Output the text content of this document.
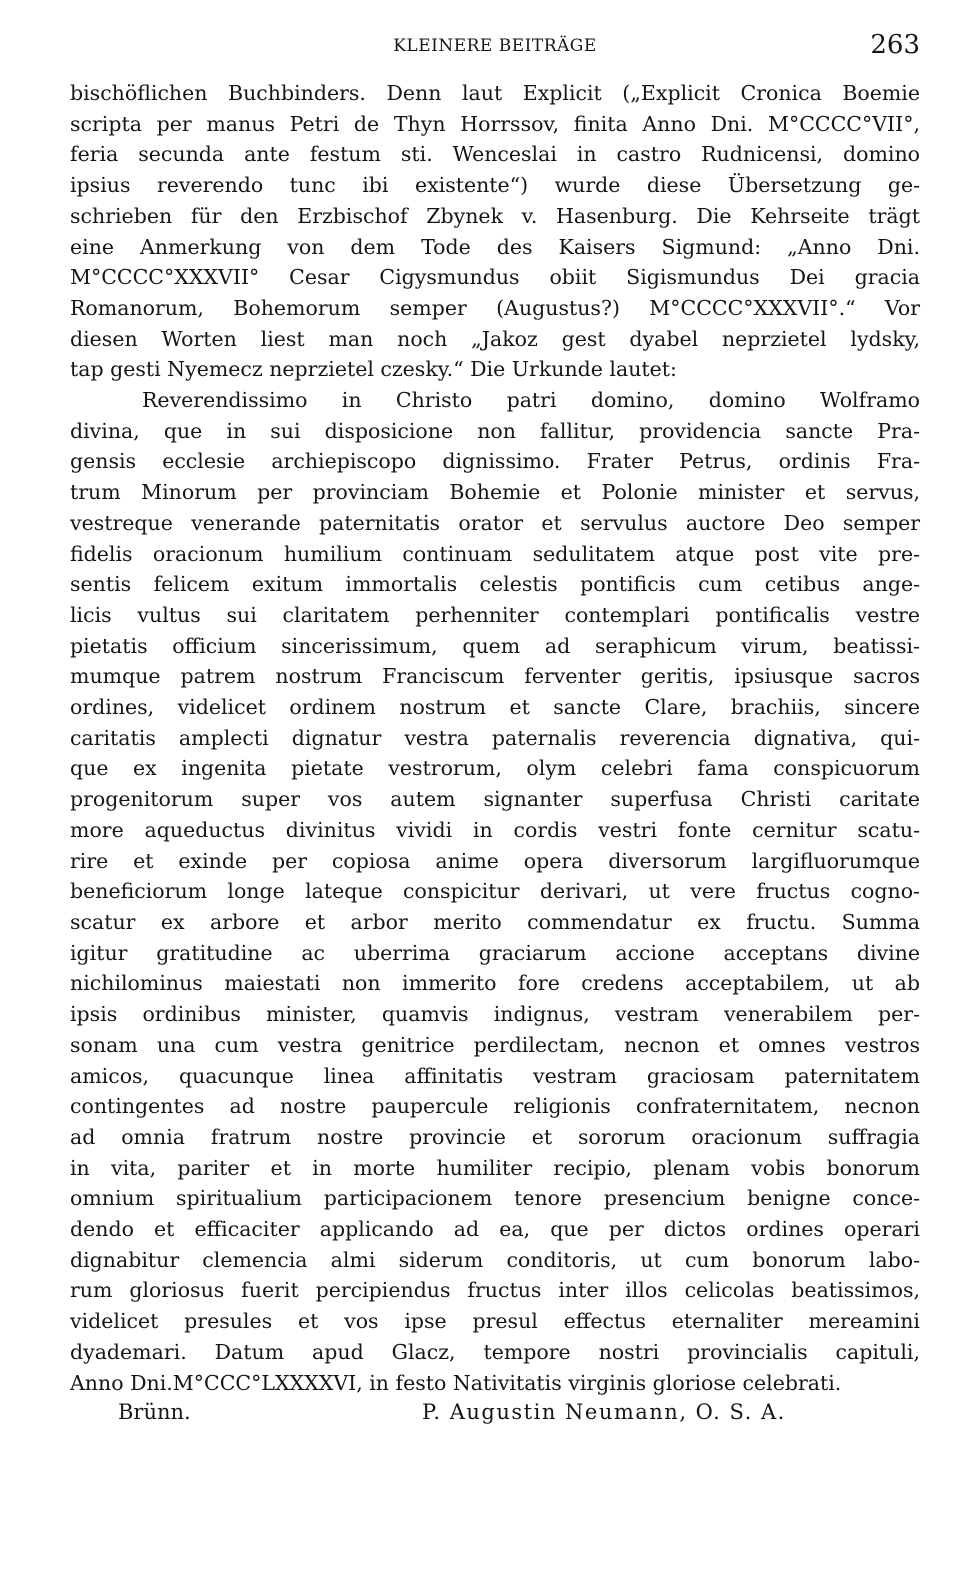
KLEINERE BEITRÄGE	263
bischöflichen Buchbinders. Denn laut Explicit („Explicit Cronica Boemie
scripta per manus Petri de Thyn Horrssov, finita Anno Dni. M°CCCC°VII°,
feria secunda ante festum sti. Wenceslai in castro Rudnicensi, domino
ipsius reverendo tunc ibi existente“) wurde diese Übersetzung ge-
schrieben für den Erzbischof Zbynek v. Hasenburg. Die Kehrseite trägt
eine Anmerkung von dem Tode des Kaisers Sigmund: „Anno Dni.
M°CCCC°XXXVII° Cesar Cigysmundus obiit Sigismundus Dei gracia
Romanorum, Bohemorum semper (Augustus?) M°CCCC°XXXVII°.“ Vor
diesen Worten liest man noch „Jakoz gest dyabel neprzietel lydsky,
tap gesti Nyemecz neprzietel czesky.“ Die Urkunde lautet:
Reverendissimo in Christo patri domino, domino Wolframo
divina, que in sui disposicione non fallitur, providencia sancte Pra-
gensis ecclesie archiepiscopo dignissimo. Frater Petrus, ordinis Fra-
trum Minorum per provinciam Bohemie et Polonie minister et servus,
vestreque venerande paternitatis orator et servulus auctore Deo semper
fidelis oracionum humilium continuam sedulitatem atque post vite pre-
sentis felicem exitum immortalis celestis pontificis cum cetibus ange-
licis vultus sui claritatem perhenniter contemplari pontificalis vestre
pietatis officium sincerissimum, quem ad seraphicum virum, beatissi-
mumque patrem nostrum Franciscum ferventer geritis, ipsiusque sacros
ordines, videlicet ordinem nostrum et sancte Clare, brachiis, sincere
caritatis amplecti dignatur vestra paternalis reverencia dignativa, qui-
que ex ingenita pietate vestrorum, olym celebri fama conspicuorum
progenitorum super vos autem signanter superfusa Christi caritate
more aqueductus divinitus vividi in cordis vestri fonte cernitur scatu-
rire et exinde per copiosa anime opera diversorum largifluorumque
beneficiorum longe lateque conspicitur derivari, ut vere fructus cogno-
scatur ex arbore et arbor merito commendatur ex fructu. Summa
igitur gratitudine ac uberrima graciarum accione acceptans divine
nichilominus maiestati non immerito fore credens acceptabilem, ut ab
ipsis ordinibus minister, quamvis indignus, vestram venerabilem per-
sonam una cum vestra genitrice perdilectam, necnon et omnes vestros
amicos, quacunque linea affinitatis vestram graciosam paternitatem
contingentes ad nostre paupercule religionis confraternitatem, necnon
ad omnia fratrum nostre provincie et sororum oracionum suffragia
in vita, pariter et in morte humiliter recipio, plenam vobis bonorum
omnium spiritualium participacionem tenore presencium benigne conce-
dendo et efficaciter applicando ad ea, que per dictos ordines operari
dignabitur clemencia almi siderum conditoris, ut cum bonorum labo-
rum gloriosus fuerit percipiendus fructus inter illos celicolas beatissimos,
videlicet presules et vos ipse presul effectus eternaliter mereamini
dyademari. Datum apud Glacz, tempore nostri provincialis capituli,
Anno Dni.M°CCC°LXXXXVI, in festo Nativitatis virginis gloriose celebrati.
Brünn.	P. Augustin Neumann, O. S. A.
